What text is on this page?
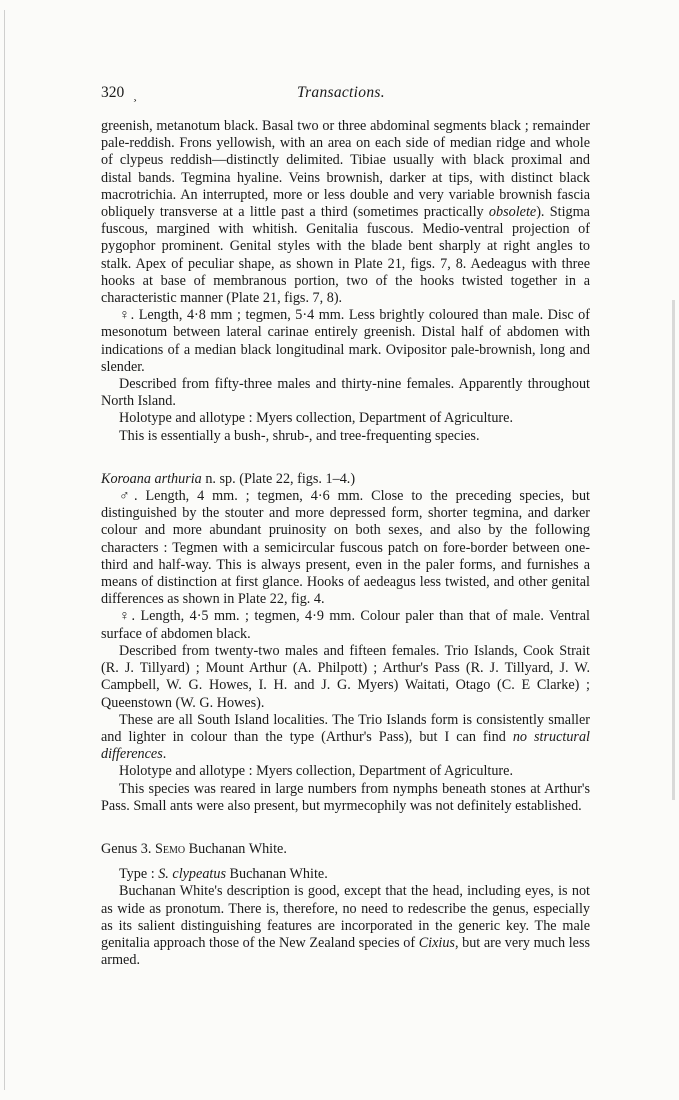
320 ¸	Transactions.

greenish, metanotum black. Basal two or three abdominal segments black ; remainder pale-reddish. Frons yellowish, with an area on each side of median ridge and whole of clypeus reddish—distinctly delimited. Tibiae usually with black proximal and distal bands. Tegmina hyaline. Veins brownish, darker at tips, with distinct black macrotrichia. An interrupted, more or less double and very variable brownish fascia obliquely transverse at a little past a third (sometimes practically obsolete). Stigma fuscous, margined with whitish. Genitalia fuscous. Medio-ventral projection of pygophor prominent. Genital styles with the blade bent sharply at right angles to stalk. Apex of peculiar shape, as shown in Plate 21, figs. 7, 8. Aedeagus with three hooks at base of membranous portion, two of the hooks twisted together in a characteristic manner (Plate 21, figs. 7, 8).

♀. Length, 4·8 mm ; tegmen, 5·4 mm. Less brightly coloured than male. Disc of mesonotum between lateral carinae entirely greenish. Distal half of abdomen with indications of a median black longitudinal mark. Ovipositor pale-brownish, long and slender.

Described from fifty-three males and thirty-nine females. Apparently throughout North Island.

Holotype and allotype : Myers collection, Department of Agriculture.

This is essentially a bush-, shrub-, and tree-frequenting species.

Koroana arthuria n. sp. (Plate 22, figs. 1–4.)

♂. Length, 4 mm. ; tegmen, 4·6 mm. Close to the preceding species, but distinguished by the stouter and more depressed form, shorter tegmina, and darker colour and more abundant pruinosity on both sexes, and also by the following characters : Tegmen with a semicircular fuscous patch on fore-border between one-third and half-way. This is always present, even in the paler forms, and furnishes a means of distinction at first glance. Hooks of aedeagus less twisted, and other genital differences as shown in Plate 22, fig. 4.

♀. Length, 4·5 mm. ; tegmen, 4·9 mm. Colour paler than that of male. Ventral surface of abdomen black.

Described from twenty-two males and fifteen females. Trio Islands, Cook Strait (R. J. Tillyard) ; Mount Arthur (A. Philpott) ; Arthur's Pass (R. J. Tillyard, J. W. Campbell, W. G. Howes, I. H. and J. G. Myers) Waitati, Otago (C. E Clarke) ; Queenstown (W. G. Howes).

These are all South Island localities. The Trio Islands form is consistently smaller and lighter in colour than the type (Arthur's Pass), but I can find no structural differences.

Holotype and allotype : Myers collection, Department of Agriculture.

This species was reared in large numbers from nymphs beneath stones at Arthur's Pass. Small ants were also present, but myrmecophily was not definitely established.

Genus 3. Semo Buchanan White.

Type : S. clypeatus Buchanan White.

Buchanan White's description is good, except that the head, including eyes, is not as wide as pronotum. There is, therefore, no need to redescribe the genus, especially as its salient distinguishing features are incorporated in the generic key. The male genitalia approach those of the New Zealand species of Cixius, but are very much less armed.
